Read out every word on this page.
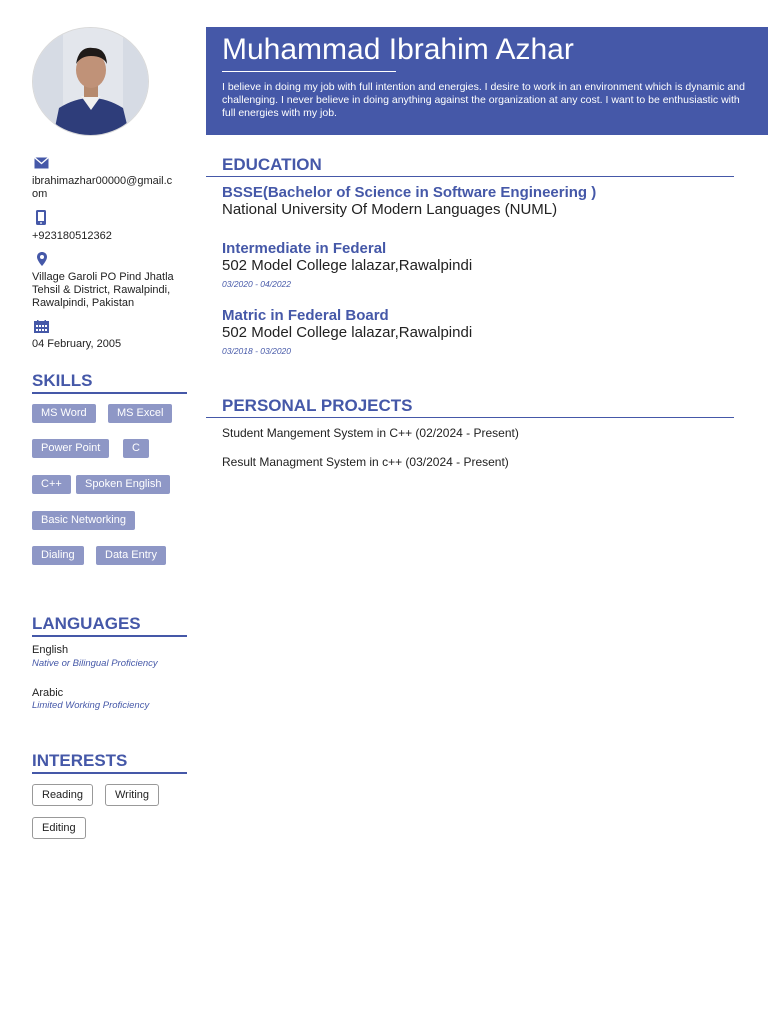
ibrahimazhar00000@gmail.c
om
+923180512362
Village Garoli PO Pind Jhatla
Tehsil & District, Rawalpindi,
Rawalpindi, Pakistan
04 February, 2005
SKILLS
MS Word	MS Excel
Power Point	C
C++	Spoken English
Basic Networking
Dialing	Data Entry
LANGUAGES
English
Native or Bilingual Proficiency
Arabic
Limited Working Proficiency
INTERESTS
Reading	Writing
Editing
Muhammad Ibrahim Azhar
I believe in doing my job with full intention and energies. I desire to work in an environment which is dynamic and challenging. I never believe in doing anything against the organization at any cost. I want to be enthusiastic with full energies with my job.
EDUCATION
BSSE(Bachelor of Science in Software Engineering )
National University Of Modern Languages (NUML)
Intermediate in Federal
502 Model College lalazar,Rawalpindi
03/2020 - 04/2022
Matric in Federal Board
502 Model College lalazar,Rawalpindi
03/2018 - 03/2020
PERSONAL PROJECTS
Student Mangement System in C++ (02/2024 - Present)
Result Managment System in c++ (03/2024 - Present)
